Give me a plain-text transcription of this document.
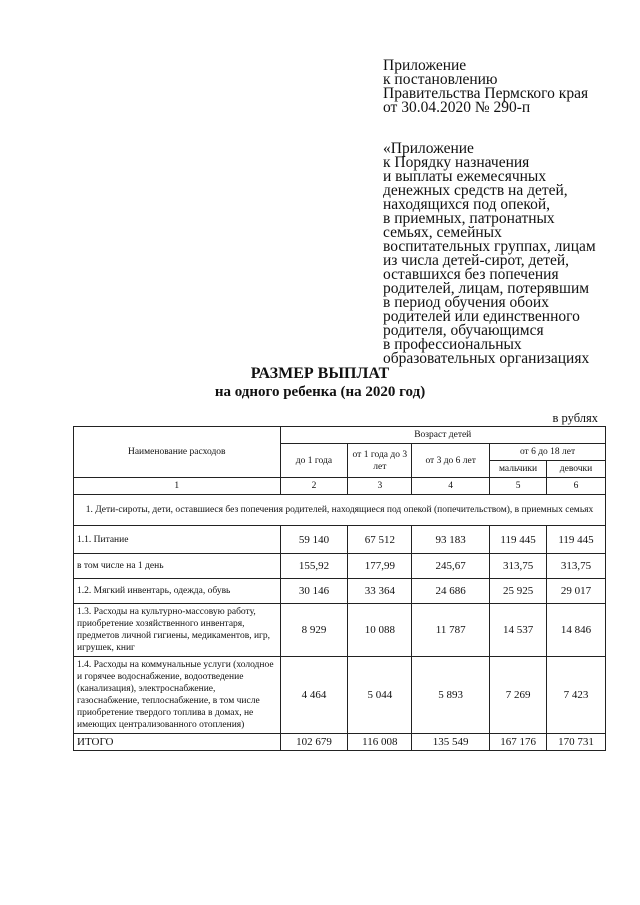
Приложение
к постановлению
Правительства Пермского края
от 30.04.2020 № 290-п
«Приложение
к Порядку назначения
и выплаты ежемесячных
денежных средств на детей,
находящихся под опекой,
в приемных, патронатных
семьях, семейных
воспитательных группах, лицам
из числа детей-сирот, детей,
оставшихся без попечения
родителей, лицам, потерявшим
в период обучения обоих
родителей или единственного
родителя, обучающимся
в профессиональных
образовательных организациях
РАЗМЕР ВЫПЛАТ
на одного ребенка (на 2020 год)
в рублях
Наименование расходов	Возраст детей				
	до 1 года	от 1 года до 3 лет	от 3 до 6 лет	от 6 до 18 лет	
				мальчики	девочки
1	2	3	4	5	6
1. Дети-сироты, дети, оставшиеся без попечения родителей, находящиеся под опекой (попечительством), в приемных семьях					
1.1. Питание	59 140	67 512	93 183	119 445	119 445
в том числе на 1 день	155,92	177,99	245,67	313,75	313,75
1.2. Мягкий инвентарь, одежда, обувь	30 146	33 364	24 686	25 925	29 017
1.3. Расходы на культурно-массовую работу, приобретение хозяйственного инвентаря, предметов личной гигиены, медикаментов, игр, игрушек, книг	8 929	10 088	11 787	14 537	14 846
1.4. Расходы на коммунальные услуги (холодное и горячее водоснабжение, водоотведение (канализация), электроснабжение, газоснабжение, теплоснабжение, в том числе приобретение твердого топлива в домах, не имеющих централизованного отопления)	4 464	5 044	5 893	7 269	7 423
ИТОГО	102 679	116 008	135 549	167 176	170 731
